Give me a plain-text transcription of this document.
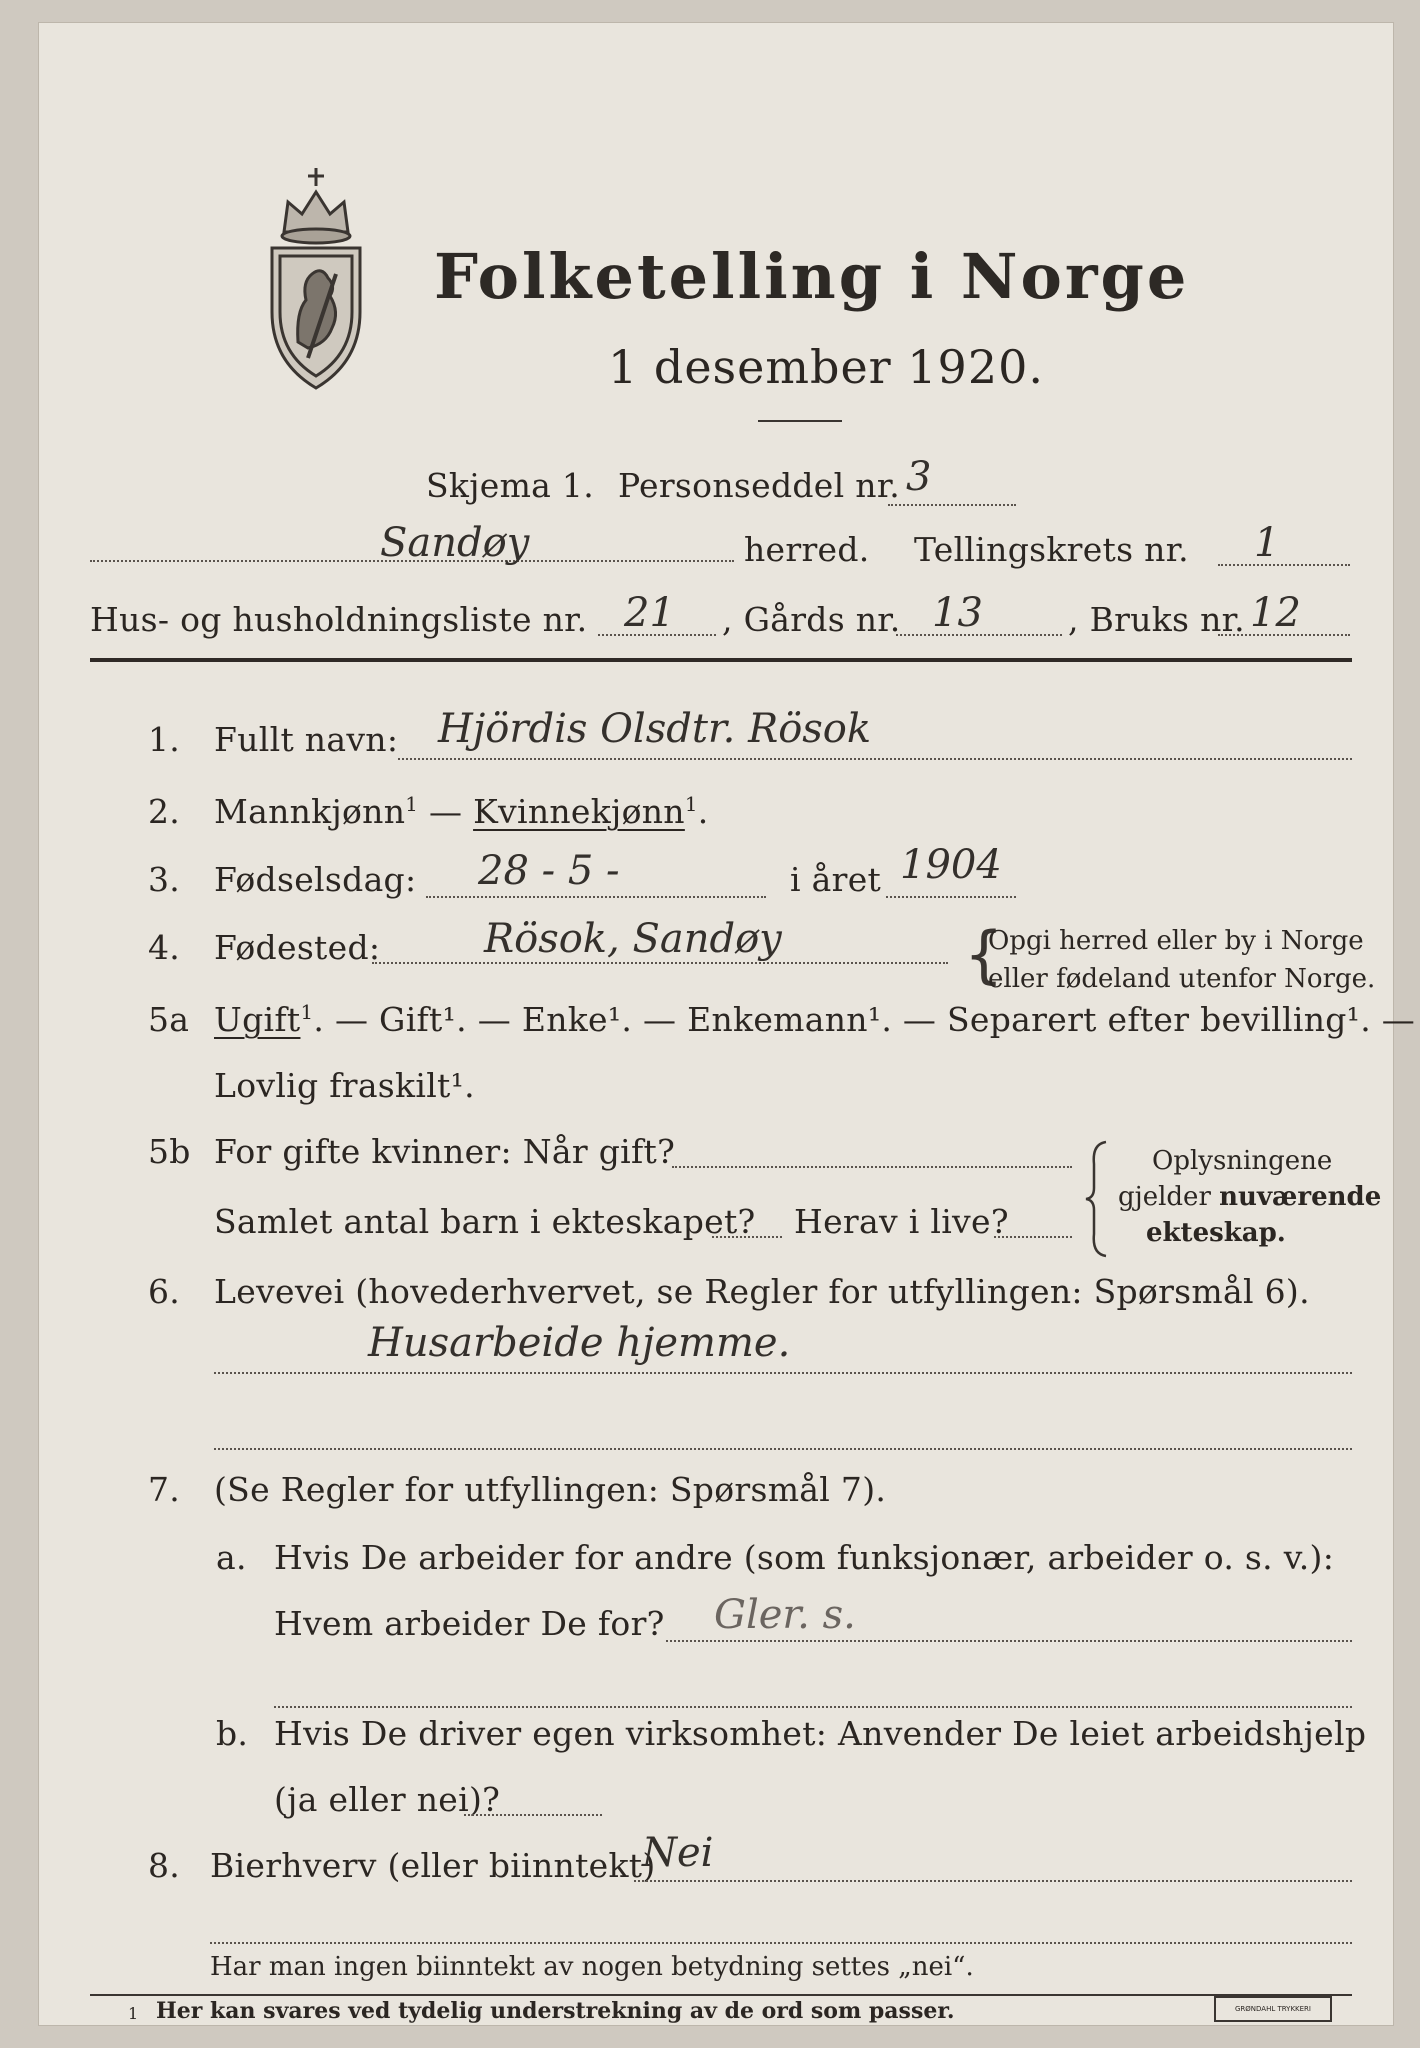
Folketelling i Norge
1 desember 1920.
Skjema 1. Personseddel nr. 3
Sandøy	herred. Tellingskrets nr. 1
Hus- og husholdningsliste nr. 21 , Gårds nr. 13	, Bruks nr. 12
1. Fullt navn: Hjördis Olsdtr. Rösok
2. Mannkjønn$^1$ — Kvinnekjønn$^1$.
3. Fødselsdag: 28 - 5 -	i året 1904
4. Fødested:	Rösok, Sandøy	{
Opgi herred eller by i Norge
eller fødeland utenfor Norge.
5a Ugift$^1$. — Gift¹. — Enke¹. — Enkemann¹. — Separert efter bevilling¹. —
Lovlig fraskilt¹.
5b For gifte kvinner: Når gift?
Samlet antal barn i ekteskapet? Herav i live?
Oplysningene
gjelder nuværende
ekteskap.
6. Levevei (hovederhvervet, se Regler for utfyllingen: Spørsmål 6).
Husarbeide hjemme.
7. (Se Regler for utfyllingen: Spørsmål 7).
a. Hvis De arbeider for andre (som funksjonær, arbeider o. s. v.):
Hvem arbeider De for? Gler. s.
b. Hvis De driver egen virksomhet: Anvender De leiet arbeidshjelp
(ja eller nei)?
8. Bierhverv (eller biinntekt)
Nei
Har man ingen biinntekt av nogen betydning settes „nei“.
1 Her kan svares ved tydelig understrekning av de ord som passer.	GRØNDAHL TRYKKERI
